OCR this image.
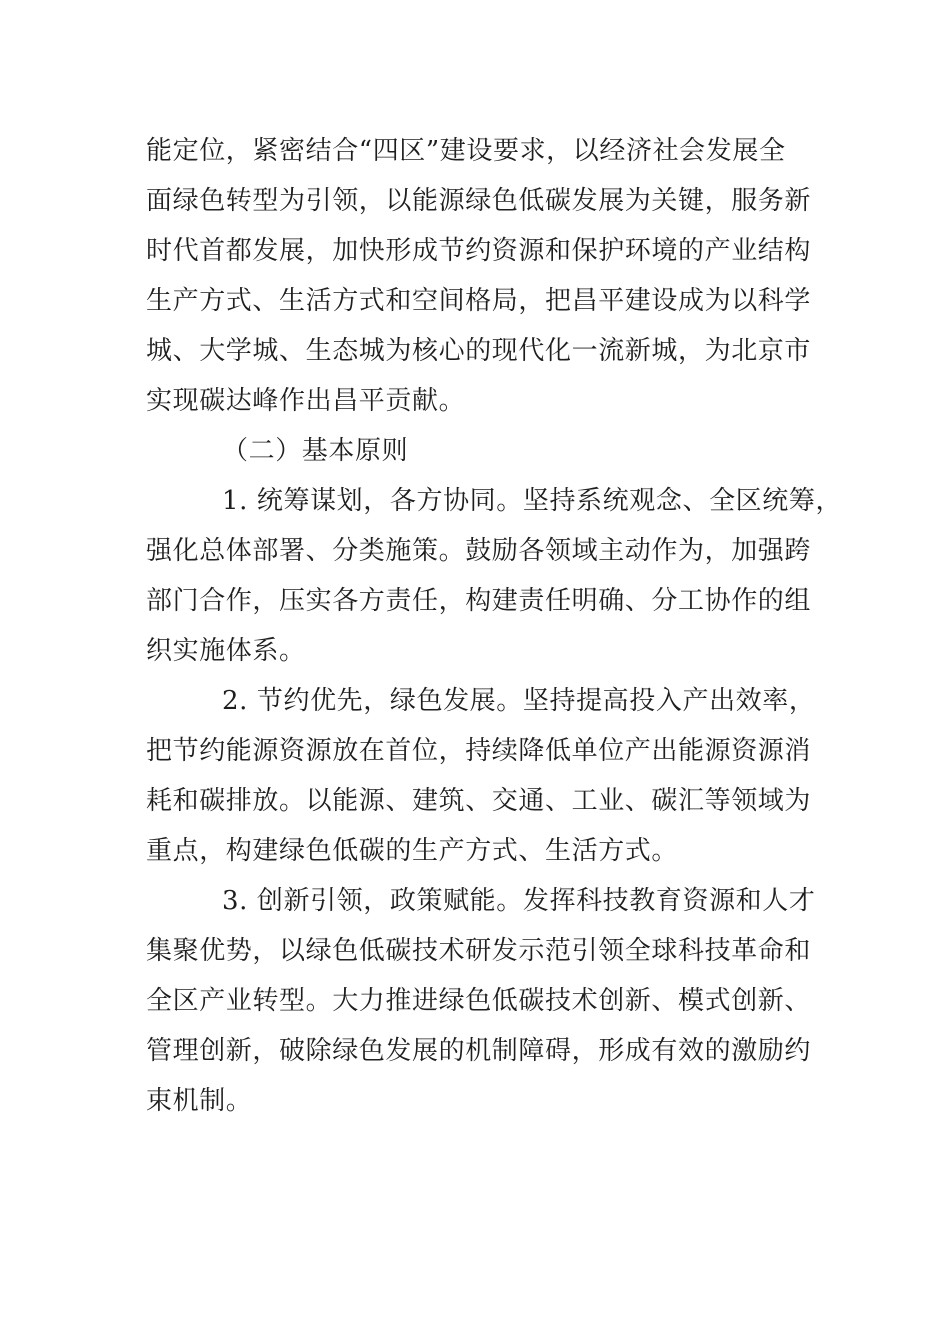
能定位，紧密结合“四区”建设要求，以经济社会发展全
面绿色转型为引领，以能源绿色低碳发展为关键，服务新
时代首都发展，加快形成节约资源和保护环境的产业结构
生产方式、生活方式和空间格局，把昌平建设成为以科学
城、大学城、生态城为核心的现代化一流新城，为北京市
实现碳达峰作出昌平贡献。
（二）基本原则
1. 统筹谋划，各方协同。坚持系统观念、全区统筹，
强化总体部署、分类施策。鼓励各领域主动作为，加强跨
部门合作，压实各方责任，构建责任明确、分工协作的组
织实施体系。
2. 节约优先，绿色发展。坚持提高投入产出效率，
把节约能源资源放在首位，持续降低单位产出能源资源消
耗和碳排放。以能源、建筑、交通、工业、碳汇等领域为
重点，构建绿色低碳的生产方式、生活方式。
3. 创新引领，政策赋能。发挥科技教育资源和人才
集聚优势，以绿色低碳技术研发示范引领全球科技革命和
全区产业转型。大力推进绿色低碳技术创新、模式创新、
管理创新，破除绿色发展的机制障碍，形成有效的激励约
束机制。
